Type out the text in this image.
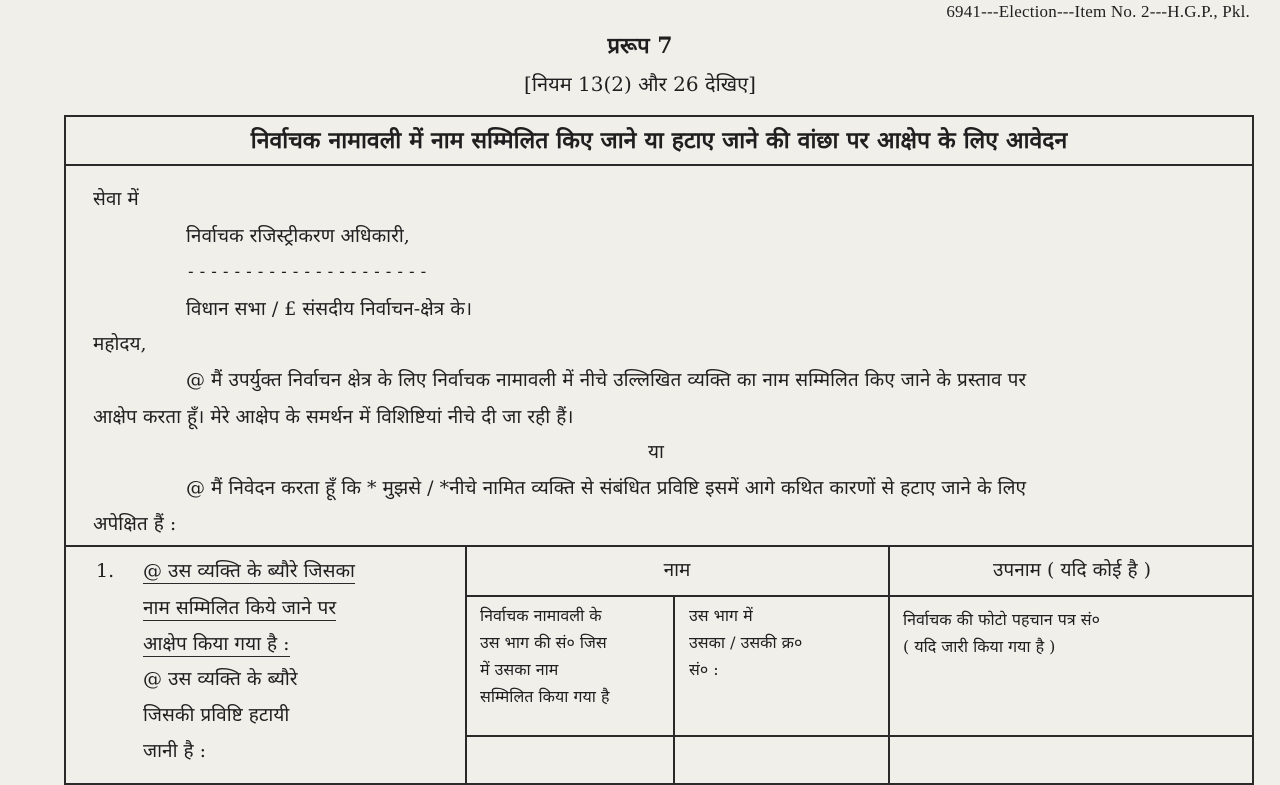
6941---Election---Item No. 2---H.G.P., Pkl.
प्ररूप 7
[नियम 13(2) और 26 देखिए]
निर्वाचक नामावली में नाम सम्मिलित किए जाने या हटाए जाने की वांछा पर आक्षेप के लिए आवेदन
सेवा में
निर्वाचक रजिस्ट्रीकरण अधिकारी,
---------------------
विधान सभा / £ संसदीय निर्वाचन-क्षेत्र के।
महोदय,
@ मैं उपर्युक्त निर्वाचन क्षेत्र के लिए निर्वाचक नामावली में नीचे उल्लिखित व्यक्ति का नाम सम्मिलित किए जाने के प्रस्ताव पर
आक्षेप करता हूँ। मेरे आक्षेप के समर्थन में विशिष्टियां नीचे दी जा रही हैं।
या
@ मैं निवेदन करता हूँ कि * मुझसे / *नीचे नामित व्यक्ति से संबंधित प्रविष्टि इसमें आगे कथित कारणों से हटाए जाने के लिए
अपेक्षित हैं :
1. @ उस व्यक्ति के ब्यौरे जिसका
नाम सम्मिलित किये जाने पर
आक्षेप किया गया है :
@ उस व्यक्ति के ब्यौरे
जिसकी प्रविष्टि हटायी
जानी है :
नाम	उपनाम ( यदि कोई है )
निर्वाचक नामावली के
उस भाग की सं० जिस
में उसका नाम
सम्मिलित किया गया है
उस भाग में
उसका / उसकी क्र०
सं० :
निर्वाचक की फोटो पहचान पत्र सं०
( यदि जारी किया गया है )
